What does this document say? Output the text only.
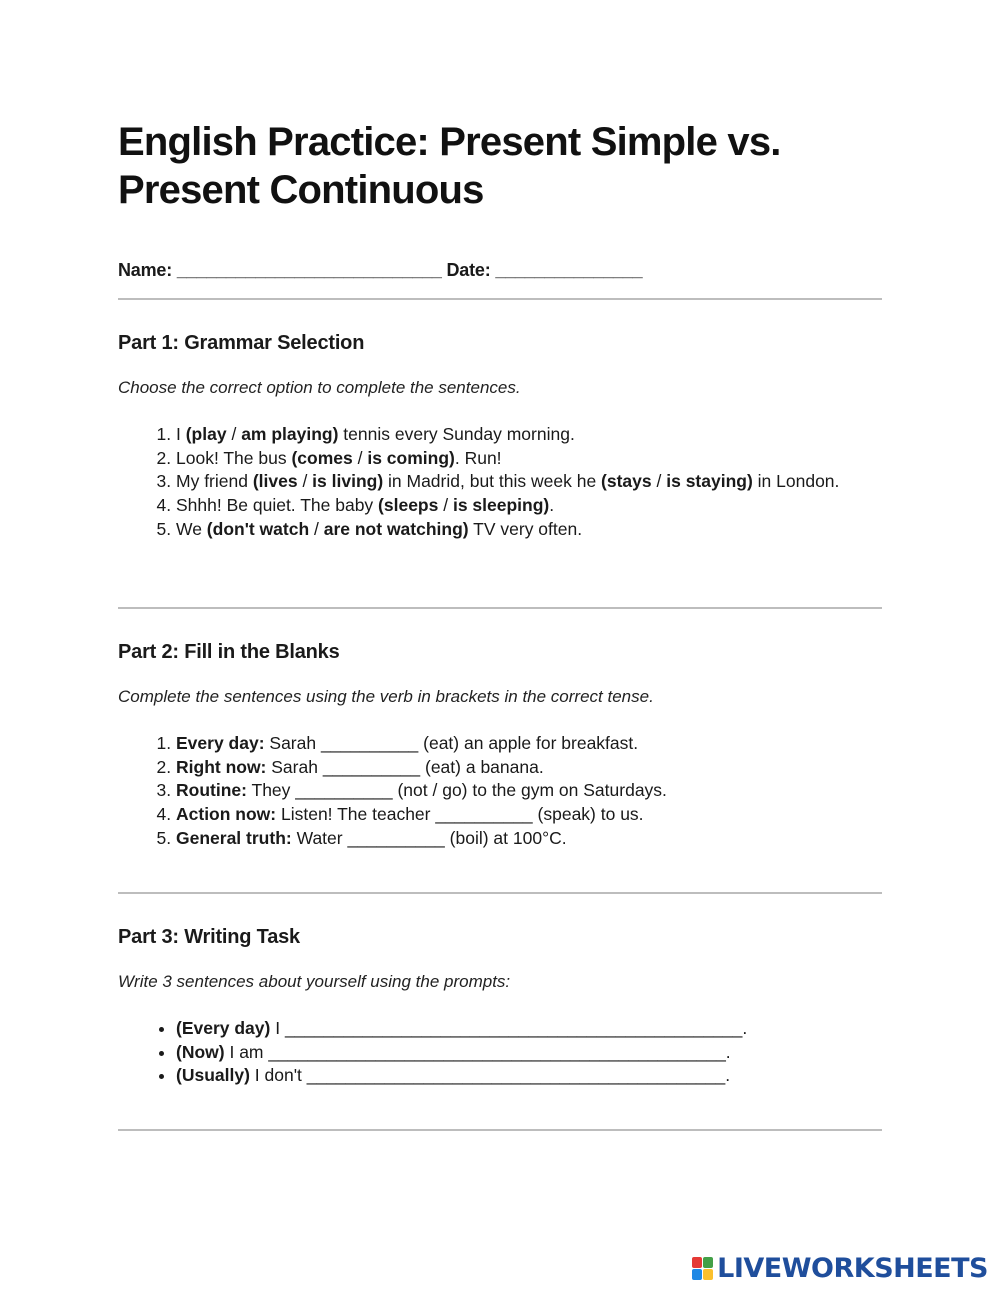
English Practice: Present Simple vs. Present Continuous
Name: ___________________________ Date: _______________
Part 1: Grammar Selection

Choose the correct option to complete the sentences.

1. I (play / am playing) tennis every Sunday morning.
2. Look! The bus (comes / is coming). Run!
3. My friend (lives / is living) in Madrid, but this week he (stays / is staying) in London.
4. Shhh! Be quiet. The baby (sleeps / is sleeping).
5. We (don't watch / are not watching) TV very often.
Part 2: Fill in the Blanks

Complete the sentences using the verb in brackets in the correct tense.

1. Every day: Sarah __________ (eat) an apple for breakfast.
2. Right now: Sarah __________ (eat) a banana.
3. Routine: They __________ (not / go) to the gym on Saturdays.
4. Action now: Listen! The teacher __________ (speak) to us.
5. General truth: Water __________ (boil) at 100°C.
Part 3: Writing Task

Write 3 sentences about yourself using the prompts:

• (Every day) I _______________________________________________.
• (Now) I am _______________________________________________.
• (Usually) I don't ___________________________________________.
LIVEWORKSHEETS
